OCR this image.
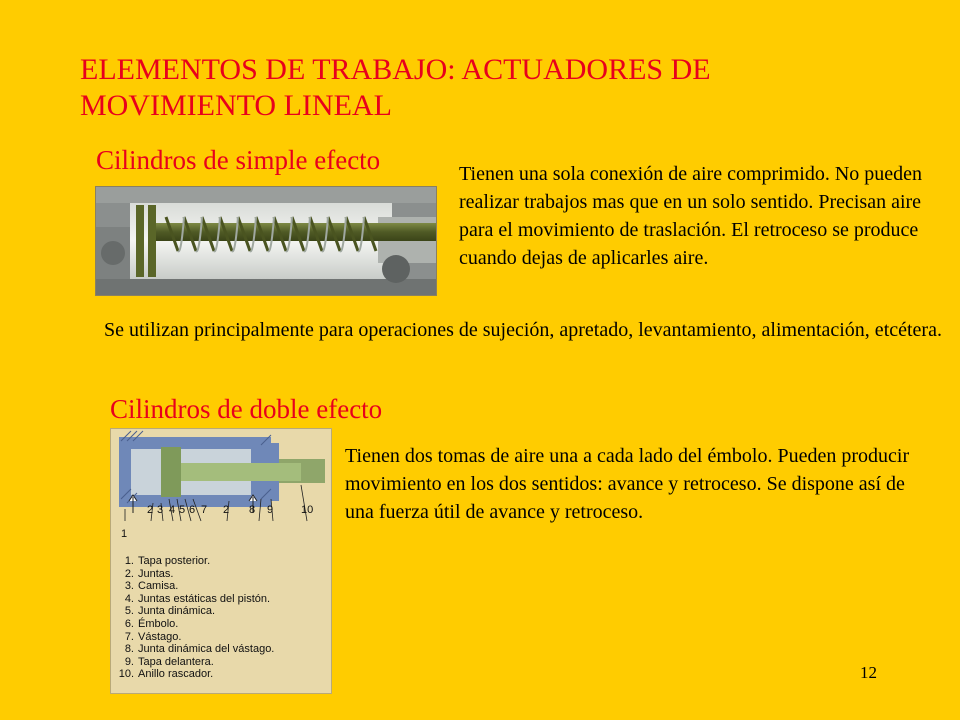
ELEMENTOS DE TRABAJO: ACTUADORES DE MOVIMIENTO LINEAL
Cilindros de simple efecto	Tienen una sola conexión de aire comprimido. No pueden realizar trabajos mas que en un solo sentido. Precisan aire para el movimiento de traslación. El retroceso se produce cuando dejas de aplicarles aire.

Se utilizan principalmente para operaciones de sujeción, apretado, levantamiento, alimentación, etcétera.

Cilindros de doble efecto
1
2 3 4 5 6 7 2 8 9	10
1. Tapa posterior.
2. Juntas.
3. Camisa.
4. Juntas estáticas del pistón.
5. Junta dinámica.
6. Émbolo.
7. Vástago.
8. Junta dinámica del vástago.
9. Tapa delantera.
10. Anillo rascador.

Tienen dos tomas de aire una a cada lado del émbolo. Pueden producir movimiento en los dos sentidos: avance y retroceso. Se dispone así de una fuerza útil de avance y retroceso.

12
